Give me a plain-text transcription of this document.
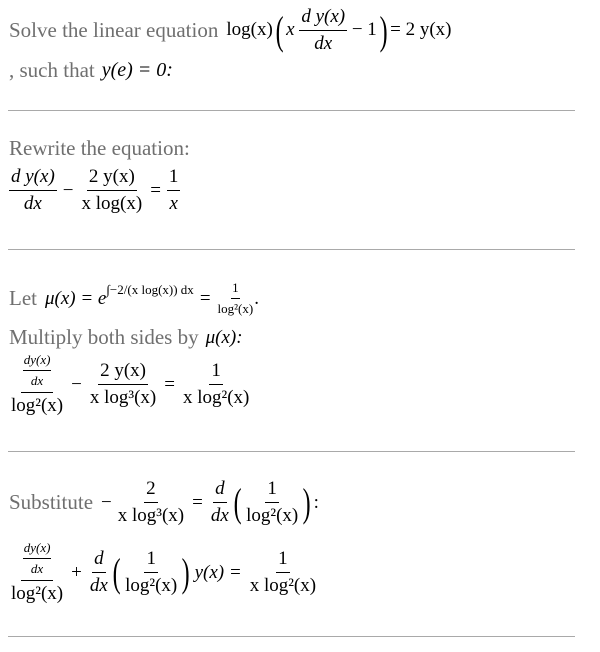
Solve the linear equation log(x)( x $\frac{\text{d y(x)}}{dx} - 1) = 2$ y(x)
, such that y(e) = 0:
Rewrite the equation:
$\frac{\text{d y(x)}}{dx} - \frac{2 y(x)}{\text{x log(x)}} = \frac{1}{x}$
Let μ(x) = e ∫−2/(x log(x)) dx = $\frac{1}{\text{log²(x)}}$ .
Multiply both sides by μ(x):
$\frac{\frac{dy(x)}{dx}}{\text{log²(x)}} - \frac{2 y(x)}{\text{x log³(x)}} = \frac{1}{\text{x log²(x)}}$
Substitute − $\frac{2}{\text{x log³(x)}} = \frac{d}{dx}$ ( $\frac{1}{\text{log²(x)}}$ ) :
$\frac{\frac{dy(x)}{dx}}{\text{log²(x)}} + \frac{d}{dx}$ ( $\frac{1}{\text{log²(x)}}$ ) $y(x) = \frac{1}{\text{x log²(x)}}$
